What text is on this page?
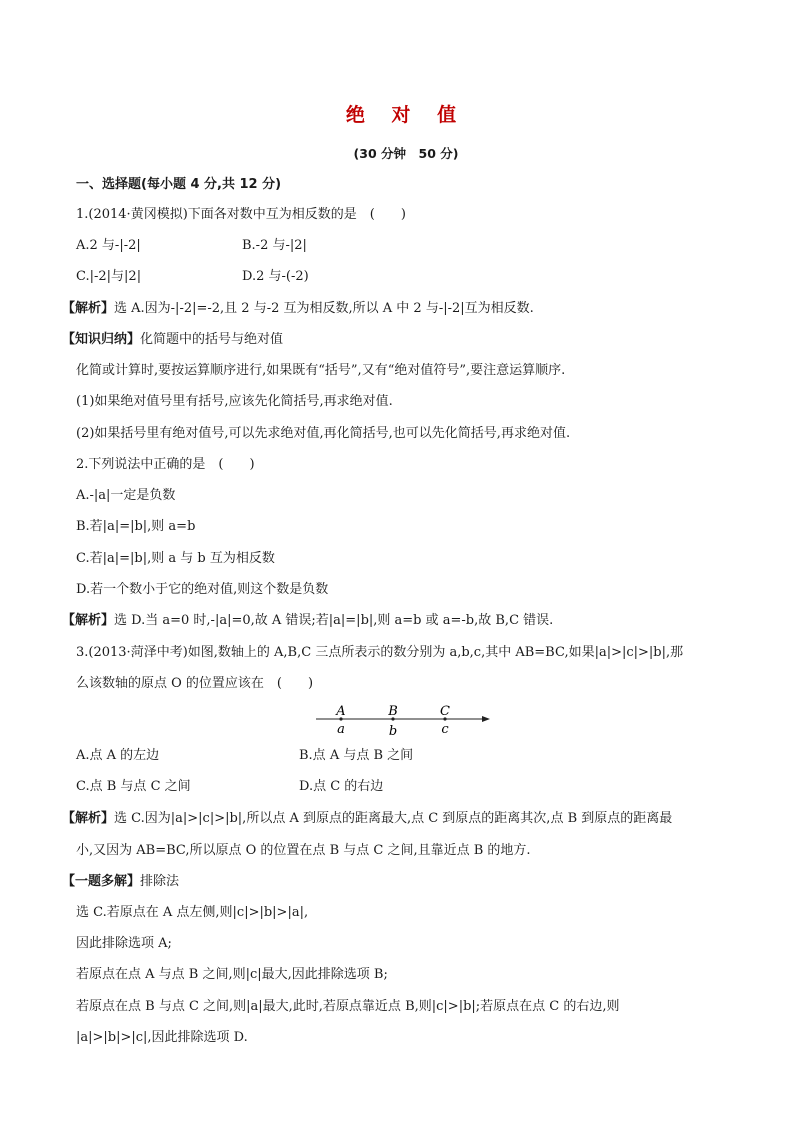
绝 对 值
(30 分钟　50 分)
一、选择题(每小题 4 分,共 12 分)
1.(2014·黄冈模拟)下面各对数中互为相反数的是　(　　)
A.2 与-|-2|	B.-2 与-|2|
C.|-2|与|2|	D.2 与-(-2)
【解析】选 A.因为-|-2|=-2,且 2 与-2 互为相反数,所以 A 中 2 与-|-2|互为相反数.
【知识归纳】化简题中的括号与绝对值
化简或计算时,要按运算顺序进行,如果既有“括号”,又有“绝对值符号”,要注意运算顺序.
(1)如果绝对值号里有括号,应该先化简括号,再求绝对值.
(2)如果括号里有绝对值号,可以先求绝对值,再化简括号,也可以先化简括号,再求绝对值.
2.下列说法中正确的是　(　　)
A.-|a|一定是负数
B.若|a|=|b|,则 a=b
C.若|a|=|b|,则 a 与 b 互为相反数
D.若一个数小于它的绝对值,则这个数是负数
【解析】选 D.当 a=0 时,-|a|=0,故 A 错误;若|a|=|b|,则 a=b 或 a=-b,故 B,C 错误.
3.(2013·菏泽中考)如图,数轴上的 A,B,C 三点所表示的数分别为 a,b,c,其中 AB=BC,如果|a|>|c|>|b|,那
么该数轴的原点 O 的位置应该在　(　　)
A	B	C
a	b	c
A.点 A 的左边	B.点 A 与点 B 之间
C.点 B 与点 C 之间	D.点 C 的右边
【解析】选 C.因为|a|>|c|>|b|,所以点 A 到原点的距离最大,点 C 到原点的距离其次,点 B 到原点的距离最
小,又因为 AB=BC,所以原点 O 的位置在点 B 与点 C 之间,且靠近点 B 的地方.
【一题多解】排除法
选 C.若原点在 A 点左侧,则|c|>|b|>|a|,
因此排除选项 A;
若原点在点 A 与点 B 之间,则|c|最大,因此排除选项 B;
若原点在点 B 与点 C 之间,则|a|最大,此时,若原点靠近点 B,则|c|>|b|;若原点在点 C 的右边,则
|a|>|b|>|c|,因此排除选项 D.
